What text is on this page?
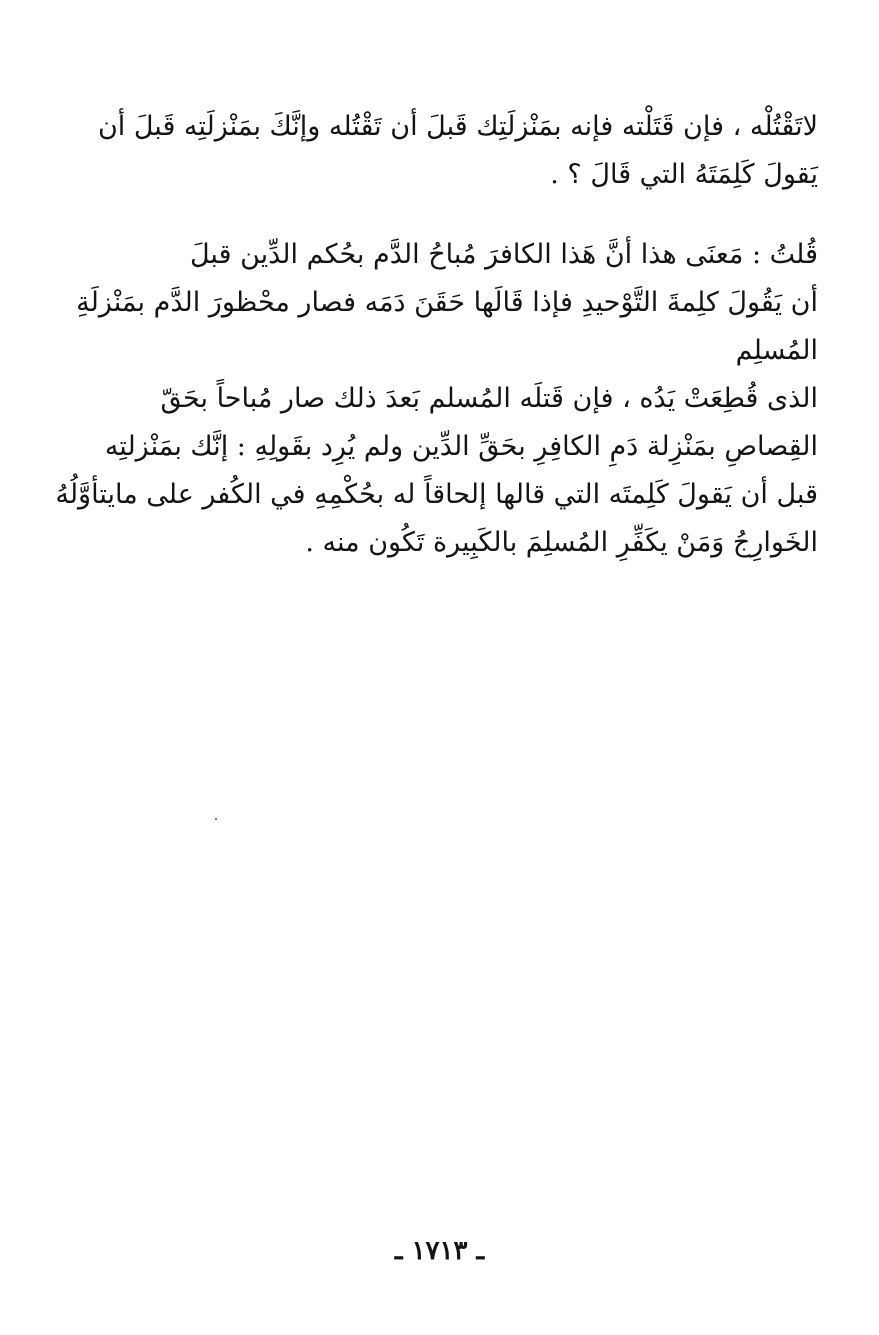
لاتَقْتُلْه ، فإن قَتَلْته فإنه بمَنْزلَتِك قَبلَ أن تَقْتُله وإنَّكَ بمَنْزلَتِه قَبلَ أن
يَقولَ كَلِمَتَهُ التي قَالَ ؟ .
قُلتُ : مَعنَى هذا أنَّ هَذا الكافرَ مُباحُ الدَّم بحُكم الدِّين قبلَ
أن يَقُولَ كلِمةَ التَّوْحيدِ فإذا قَالَها حَقَنَ دَمَه فصار محْظورَ الدَّم بمَنْزلَةِ
المُسلِم
الذى قُطِعَتْ يَدُه ، فإن قَتلَه المُسلم بَعدَ ذلك صار مُباحاً بحَقّ
القِصاصِ بمَنْزِلة دَمِ الكافِرِ بحَقِّ الدِّين ولم يُرِد بقَولِهِ : إنَّك بمَنْزلتِه
قبل أن يَقولَ كَلِمتَه التي قالها إلحاقاً له بحُكْمِهِ في الكُفر على مايتأوَّلُهُ
الخَوارِجُ وَمَنْ يكَفِّرِ المُسلِمَ بالكَبِيرة تَكُون منه .
ـ ١٧١٣ ـ
